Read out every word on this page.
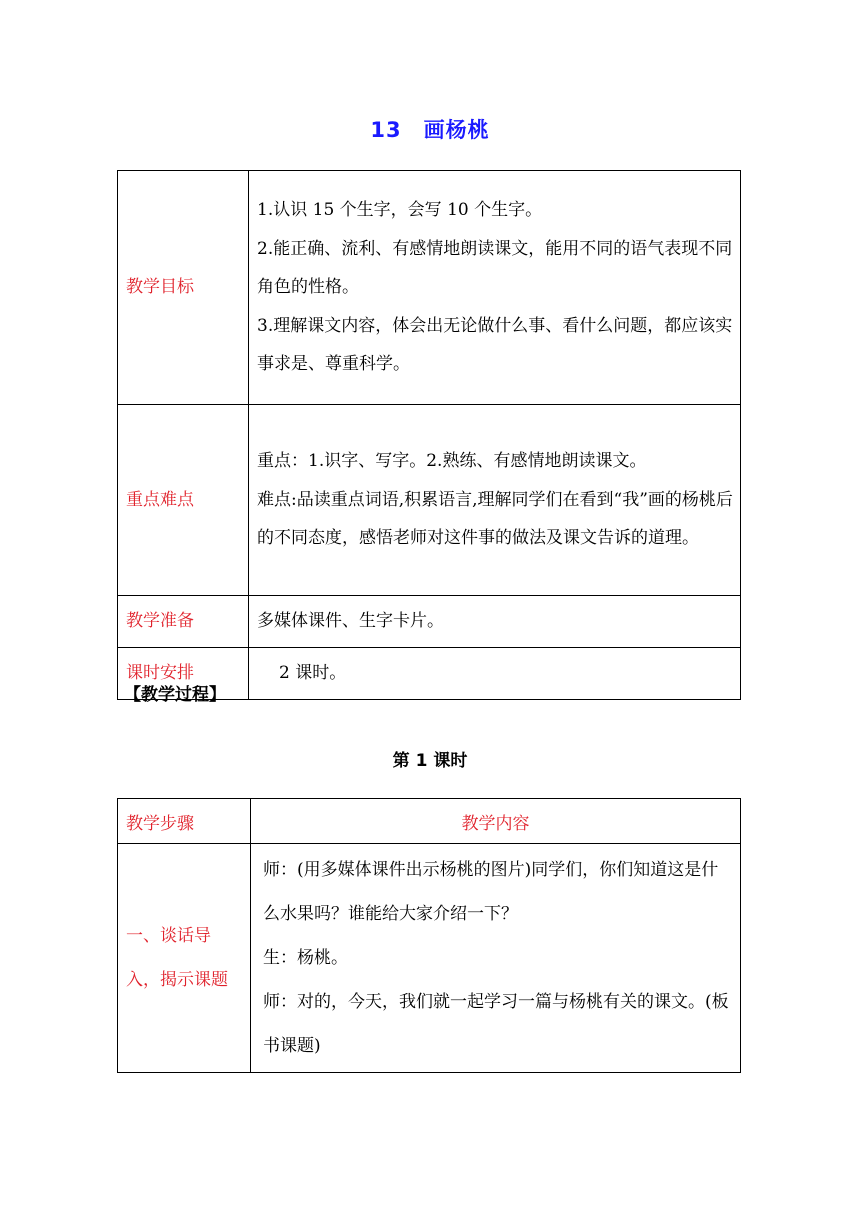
13 画杨桃
教学目标	1.认识 15 个生字，会写 10 个生字。
2.能正确、流利、有感情地朗读课文，能用不同的语气表现不同角色的性格。
3.理解课文内容，体会出无论做什么事、看什么问题，都应该实事求是、尊重科学。

重点难点	重点：1.识字、写字。2.熟练、有感情地朗读课文。
难点:品读重点词语,积累语言,理解同学们在看到“我”画的杨桃后的不同态度，感悟老师对这件事的做法及课文告诉的道理。

教学准备	多媒体课件、生字卡片。
课时安排	2 课时。
【教学过程】
第 1 课时
教学步骤	教学内容
一、谈话导入，揭示课题	师：(用多媒体课件出示杨桃的图片)同学们，你们知道这是什么水果吗？谁能给大家介绍一下？
生：杨桃。
师：对的，今天，我们就一起学习一篇与杨桃有关的课文。(板书课题)
